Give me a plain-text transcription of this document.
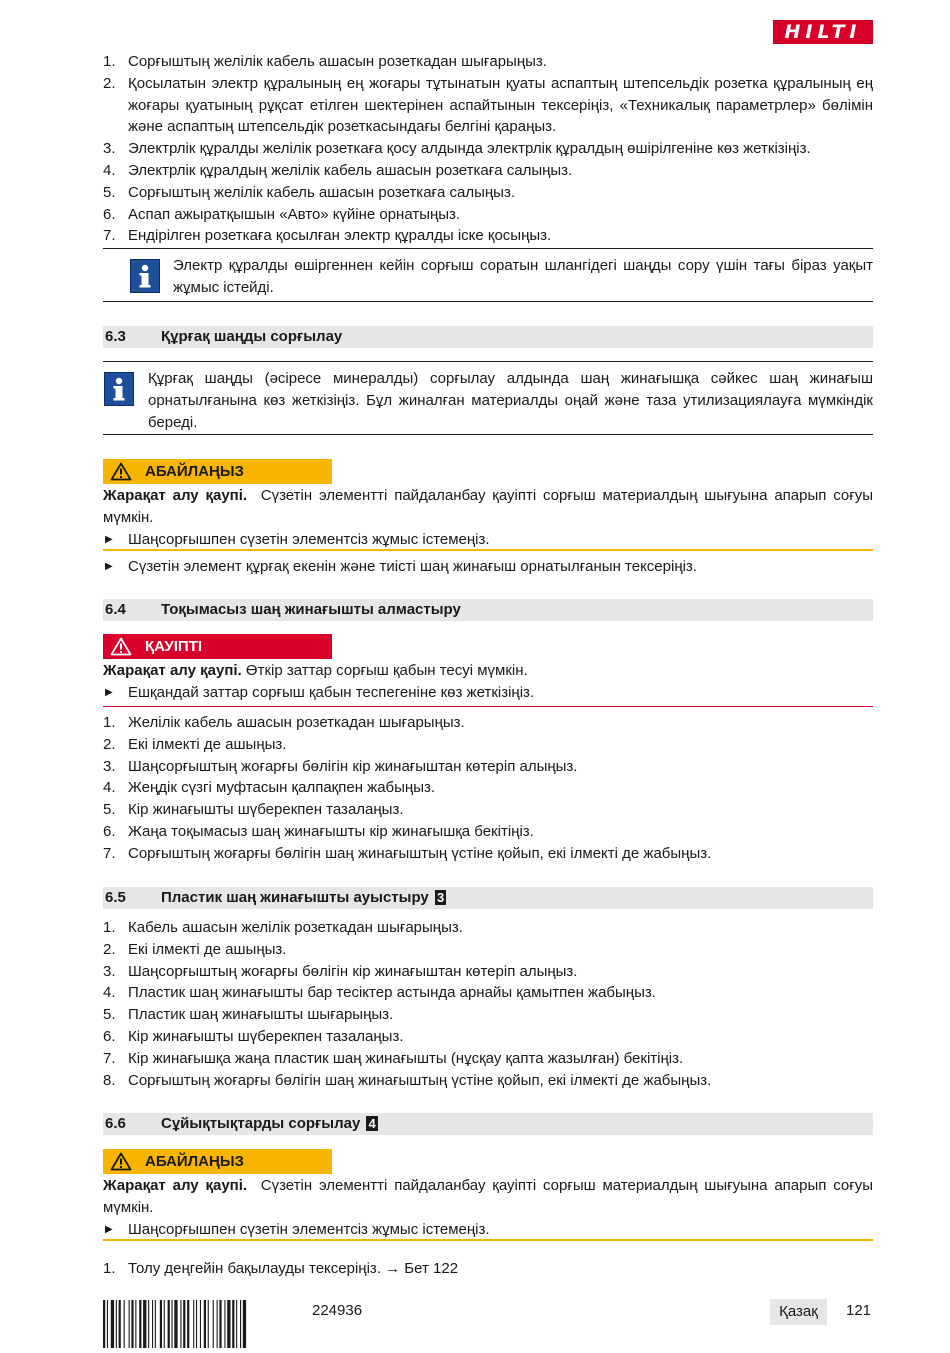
HILTI
1. Сорғыштың желілік кабель ашасын розеткадан шығарыңыз.
2. Қосылатын электр құралының ең жоғары тұтынатын қуаты аспаптың штепсельдік розетка құралының ең жоғары қуатының рұқсат етілген шектерінен аспайтынын тексеріңіз, «Техникалық параметрлер» бөлімін және аспаптың штепсельдік розеткасындағы белгіні қараңыз.
3. Электрлік құралды желілік розеткаға қосу алдында электрлік құралдың өшірілгеніне көз жеткізіңіз.
4. Электрлік құралдың желілік кабель ашасын розеткаға салыңыз.
5. Сорғыштың желілік кабель ашасын розеткаға салыңыз.
6. Аспап ажыратқышын «Авто» күйіне орнатыңыз.
7. Ендірілген розеткаға қосылған электр құралды іске қосыңыз.
Электр құралды өшіргеннен кейін сорғыш соратын шлангідегі шаңды сору үшін тағы біраз уақыт жұмыс істейді.
6.3 Құрғақ шаңды сорғылау
Құрғақ шаңды (әсіресе минералды) сорғылау алдында шаң жинағышқа сәйкес шаң жинағыш орнатылғанына көз жеткізіңіз. Бұл жиналған материалды оңай және таза утилизациялауға мүмкіндік береді.
АБАЙЛАҢЫЗ
Жарақат алу қаупі. Сүзетін элементті пайдаланбау қауіпті сорғыш материалдың шығуына апарып соғуы мүмкін.
▶ Шаңсорғышпен сүзетін элементсіз жұмыс істемеңіз.
▶ Сүзетін элемент құрғақ екенін және тиісті шаң жинағыш орнатылғанын тексеріңіз.
6.4 Тоқымасыз шаң жинағышты алмастыру
ҚАУІПТІ
Жарақат алу қаупі. Өткір заттар сорғыш қабын тесуі мүмкін.
▶ Ешқандай заттар сорғыш қабын теспегеніне көз жеткізіңіз.
1. Желілік кабель ашасын розеткадан шығарыңыз.
2. Екі ілмекті де ашыңыз.
3. Шаңсорғыштың жоғарғы бөлігін кір жинағыштан көтеріп алыңыз.
4. Жеңдік сүзгі муфтасын қалпақпен жабыңыз.
5. Кір жинағышты шүберекпен тазалаңыз.
6. Жаңа тоқымасыз шаң жинағышты кір жинағышқа бекітіңіз.
7. Сорғыштың жоғарғы бөлігін шаң жинағыштың үстіне қойып, екі ілмекті де жабыңыз.
6.5 Пластик шаң жинағышты ауыстыру 3
1. Кабель ашасын желілік розеткадан шығарыңыз.
2. Екі ілмекті де ашыңыз.
3. Шаңсорғыштың жоғарғы бөлігін кір жинағыштан көтеріп алыңыз.
4. Пластик шаң жинағышты бар тесіктер астында арнайы қамытпен жабыңыз.
5. Пластик шаң жинағышты шығарыңыз.
6. Кір жинағышты шүберекпен тазалаңыз.
7. Кір жинағышқа жаңа пластик шаң жинағышты (нұсқау қапта жазылған) бекітіңіз.
8. Сорғыштың жоғарғы бөлігін шаң жинағыштың үстіне қойып, екі ілмекті де жабыңыз.
6.6 Сұйықтықтарды сорғылау 4
АБАЙЛАҢЫЗ
Жарақат алу қаупі. Сүзетін элементті пайдаланбау қауіпті сорғыш материалдың шығуына апарып соғуы мүмкін.
▶ Шаңсорғышпен сүзетін элементсіз жұмыс істемеңіз.
1. Толу деңгейін бақылауды тексеріңіз. → Бет 122
224936	Қазақ	121
